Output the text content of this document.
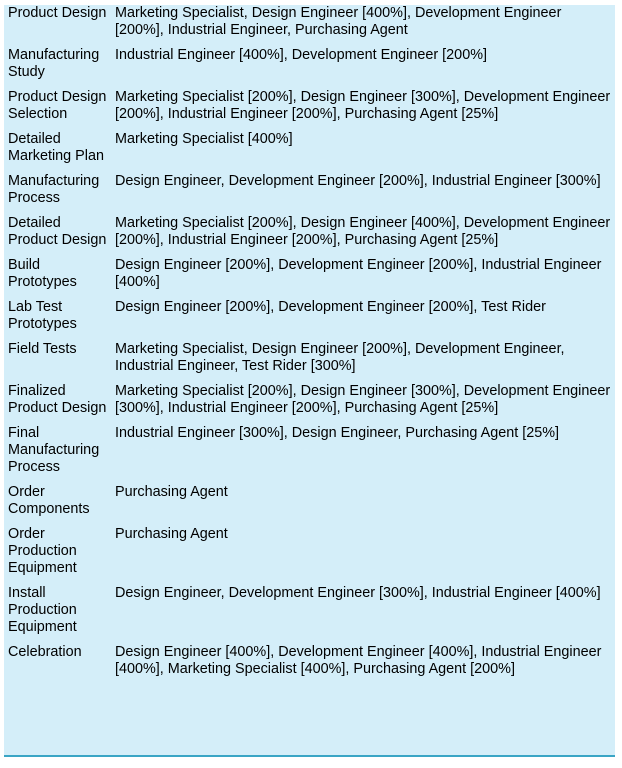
Product Design	Marketing Specialist, Design Engineer [400%], Development Engineer [200%], Industrial Engineer, Purchasing Agent
Manufacturing Study	Industrial Engineer [400%], Development Engineer [200%]
Product Design Selection	Marketing Specialist [200%], Design Engineer [300%], Development Engineer [200%], Industrial Engineer [200%], Purchasing Agent [25%]
Detailed Marketing Plan	Marketing Specialist [400%]
Manufacturing Process	Design Engineer, Development Engineer [200%], Industrial Engineer [300%]
Detailed Product Design	Marketing Specialist [200%], Design Engineer [400%], Development Engineer [200%], Industrial Engineer [200%], Purchasing Agent [25%]
Build Prototypes	Design Engineer [200%], Development Engineer [200%], Industrial Engineer [400%]
Lab Test Prototypes	Design Engineer [200%], Development Engineer [200%], Test Rider
Field Tests	Marketing Specialist, Design Engineer [200%], Development Engineer, Industrial Engineer, Test Rider [300%]
Finalized Product Design	Marketing Specialist [200%], Design Engineer [300%], Development Engineer [300%], Industrial Engineer [200%], Purchasing Agent [25%]
Final Manufacturing Process	Industrial Engineer [300%], Design Engineer, Purchasing Agent [25%]
Order Components	Purchasing Agent
Order Production Equipment	Purchasing Agent
Install Production Equipment	Design Engineer, Development Engineer [300%], Industrial Engineer [400%]
Celebration	Design Engineer [400%], Development Engineer [400%], Industrial Engineer [400%], Marketing Specialist [400%], Purchasing Agent [200%]
